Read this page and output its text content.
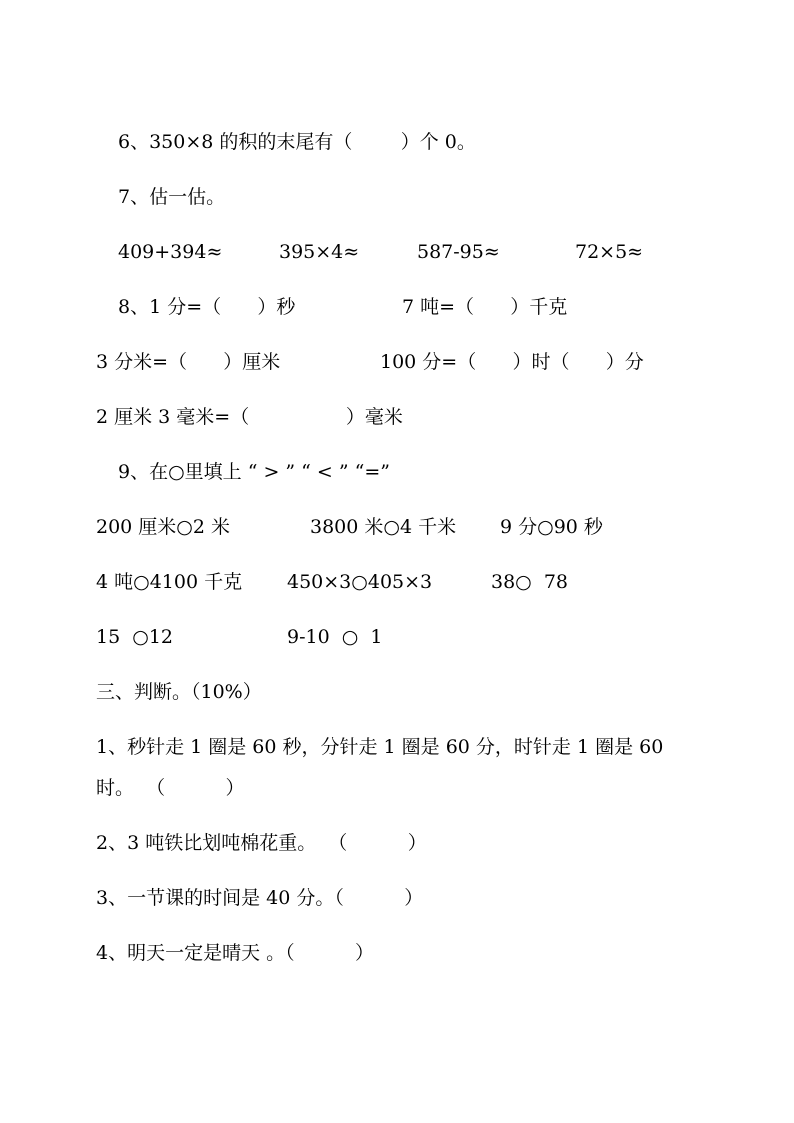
6、350×8 的积的末尾有（        ）个 0。
7、估一估。
409+394≈	395×4≈	587-95≈	72×5≈
8、1 分=（      ）秒	7 吨=（      ）千克
3 分米=（      ）厘米	100 分=（      ）时（      ）分
2 厘米 3 毫米=（                ）毫米
9、在○里填上 “ > ” “ < ” “=”
200 厘米○2 米	3800 米○4 千米 9 分○90 秒
4 吨○4100 千克 450×3○405×3	38○  78
15  ○12	9-10  ○  1
三、判断。（10%）
1、秒针走 1 圈是 60 秒，分针走 1 圈是 60 分，时针走 1 圈是 60
时。  （          ）
2、3 吨铁比划吨棉花重。  （          ）
3、一节课的时间是 40 分。（          ）
4、明天一定是晴天 。（          ）
